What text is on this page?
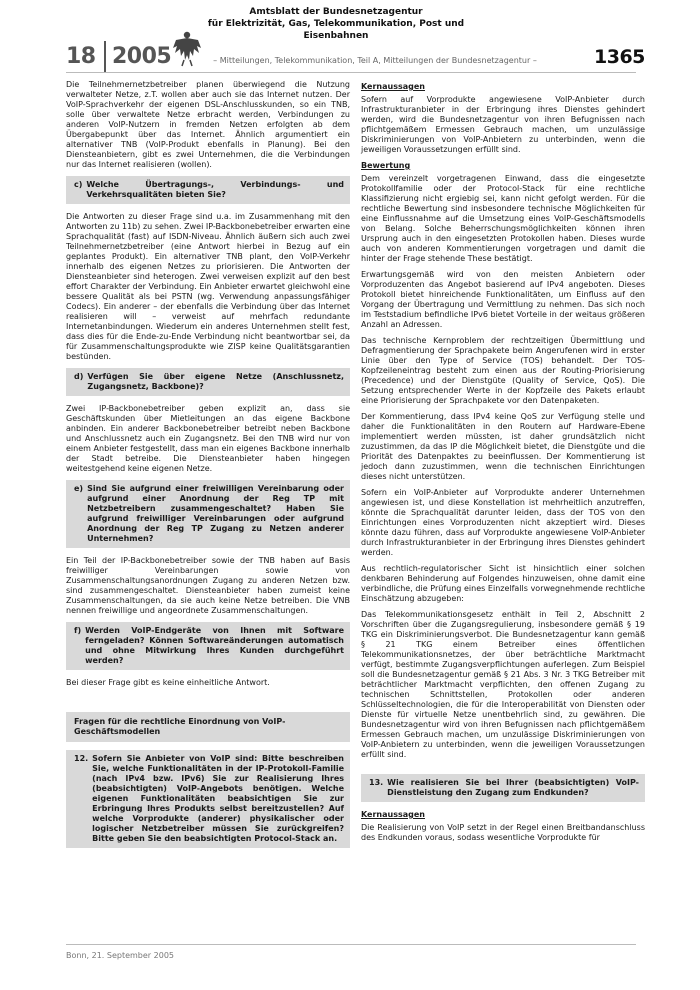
18 2005
Amtsblatt der Bundesnetzagentur
für Elektrizität, Gas, Telekommunikation, Post und Eisenbahnen
– Mitteilungen, Telekommunikation, Teil A, Mitteilungen der Bundesnetzagentur –	1365

Die Teilnehmernetzbetreiber planen überwiegend die Nutzung verwalteter Netze, z.T. wollen aber auch sie das Internet nutzen. Der VoIP-Sprachverkehr der eigenen DSL-Anschlusskunden, so ein TNB, solle über verwaltete Netze erbracht werden, Verbindungen zu anderen VoIP-Nutzern in fremden Netzen erfolgten ab dem Übergabepunkt über das Internet. Ähnlich argumentiert ein alternativer TNB (VoIP-Produkt ebenfalls in Planung). Bei den Diensteanbietern, gibt es zwei Unternehmen, die die Verbindungen nur das Internet realisieren (wollen).

c) Welche Übertragungs-, Verbindungs- und Verkehrsqualitäten bieten Sie?

Die Antworten zu dieser Frage sind u.a. im Zusammenhang mit den Antworten zu 11b) zu sehen. Zwei IP-Backbonebetreiber erwarten eine Sprachqualität (fast) auf ISDN-Niveau. Ähnlich äußern sich auch zwei Teilnehmernetzbetreiber (eine Antwort hierbei in Bezug auf ein geplantes Produkt). Ein alternativer TNB plant, den VoIP-Verkehr innerhalb des eigenen Netzes zu priorisieren. Die Antworten der Diensteanbieter sind heterogen. Zwei verweisen explizit auf den best effort Charakter der Verbindung. Ein Anbieter erwartet gleichwohl eine bessere Qualität als bei PSTN (wg. Verwendung anpassungsfähiger Codecs). Ein anderer – der ebenfalls die Verbindung über das Internet realisieren will – verweist auf mehrfach redundante Internetanbindungen. Wiederum ein anderes Unternehmen stellt fest, dass dies für die Ende-zu-Ende Verbindung nicht beantwortbar sei, da für Zusammenschaltungsprodukte wie ZISP keine Qualitätsgarantien bestünden.

d) Verfügen Sie über eigene Netze (Anschlussnetz, Zugangsnetz, Backbone)?

Zwei IP-Backbonebetreiber geben explizit an, dass sie Geschäftskunden über Mietleitungen an das eigene Backbone anbinden. Ein anderer Backbonebetreiber betreibt neben Backbone und Anschlussnetz auch ein Zugangsnetz. Bei den TNB wird nur von einem Anbieter festgestellt, dass man ein eigenes Backbone innerhalb der Stadt betreibe. Die Diensteanbieter haben hingegen weitestgehend keine eigenen Netze.

e) Sind Sie aufgrund einer freiwilligen Vereinbarung oder aufgrund einer Anordnung der Reg TP mit Netzbetreibern zusammengeschaltet? Haben Sie aufgrund freiwilliger Vereinbarungen oder aufgrund Anordnung der Reg TP Zugang zu Netzen anderer Unternehmen?

Ein Teil der IP-Backbonebetreiber sowie der TNB haben auf Basis freiwilliger Vereinbarungen sowie von Zusammenschaltungsanordnungen Zugang zu anderen Netzen bzw. sind zusammengeschaltet. Diensteanbieter haben zumeist keine Zusammenschaltungen, da sie auch keine Netze betreiben. Die VNB nennen freiwillige und angeordnete Zusammenschaltungen.

f) Werden VoIP-Endgeräte von Ihnen mit Software ferngeladen? Können Softwareänderungen automatisch und ohne Mitwirkung Ihres Kunden durchgeführt werden?

Bei dieser Frage gibt es keine einheitliche Antwort.

Fragen für die rechtliche Einordnung von VoIP-Geschäftsmodellen
12. Sofern Sie Anbieter von VoIP sind: Bitte beschreiben Sie, welche Funktionalitäten in der IP-Protokoll-Familie (nach IPv4 bzw. IPv6) Sie zur Realisierung Ihres (beabsichtigten) VoIP-Angebots benötigen. Welche eigenen Funktionalitäten beabsichtigen Sie zur Erbringung Ihres Produkts selbst bereitzustellen? Auf welche Vorprodukte (anderer) physikalischer oder logischer Netzbetreiber müssen Sie zurückgreifen? Bitte geben Sie den beabsichtigten Protocol-Stack an.
Kernaussagen

Sofern auf Vorprodukte angewiesene VoIP-Anbieter durch Infrastrukturanbieter in der Erbringung ihres Dienstes gehindert werden, wird die Bundesnetzagentur von ihren Befugnissen nach pflichtgemäßem Ermessen Gebrauch machen, um unzulässige Diskriminierungen von VoIP-Anbietern zu unterbinden, wenn die jeweiligen Voraussetzungen erfüllt sind.

Bewertung

Dem vereinzelt vorgetragenen Einwand, dass die eingesetzte Protokollfamilie oder der Protocol-Stack für eine rechtliche Klassifizierung nicht ergiebig sei, kann nicht gefolgt werden. Für die rechtliche Bewertung sind insbesondere technische Möglichkeiten für eine Einflussnahme auf die Umsetzung eines VoIP-Geschäftsmodells von Belang. Solche Beherrschungsmöglichkeiten können ihren Ursprung auch in den eingesetzten Protokollen haben. Dieses wurde auch von anderen Kommentierungen vorgetragen und damit die hinter der Frage stehende These bestätigt.

Erwartungsgemäß wird von den meisten Anbietern oder Vorproduzenten das Angebot basierend auf IPv4 angeboten. Dieses Protokoll bietet hinreichende Funktionalitäten, um Einfluss auf den Vorgang der Übertragung und Vermittlung zu nehmen. Das sich noch im Teststadium befindliche IPv6 bietet Vorteile in der weitaus größeren Anzahl an Adressen.

Das technische Kernproblem der rechtzeitigen Übermittlung und Defragmentierung der Sprachpakete beim Angerufenen wird in erster Linie über den Type of Service (TOS) behandelt. Der TOS-Kopfzeileneintrag besteht zum einen aus der Routing-Priorisierung (Precedence) und der Dienstgüte (Quality of Service, QoS). Die Setzung entsprechender Werte in der Kopfzeile des Pakets erlaubt eine Priorisierung der Sprachpakete vor den Datenpaketen.

Der Kommentierung, dass IPv4 keine QoS zur Verfügung stelle und daher die Funktionalitäten in den Routern auf Hardware-Ebene implementiert werden müssten, ist daher grundsätzlich nicht zuzustimmen, da das IP die Möglichkeit bietet, die Dienstgüte und die Priorität des Datenpaktes zu beeinflussen. Der Kommentierung ist jedoch dann zuzustimmen, wenn die technischen Einrichtungen dieses nicht unterstützen.

Sofern ein VoIP-Anbieter auf Vorprodukte anderer Unternehmen angewiesen ist, und diese Konstellation ist mehrheitlich anzutreffen, könnte die Sprachqualität darunter leiden, dass der TOS von den Einrichtungen eines Vorproduzenten nicht akzeptiert wird. Dieses könnte dazu führen, dass auf Vorprodukte angewiesene VoIP-Anbieter durch Infrastrukturanbieter in der Erbringung ihres Dienstes gehindert werden.

Aus rechtlich-regulatorischer Sicht ist hinsichtlich einer solchen denkbaren Behinderung auf Folgendes hinzuweisen, ohne damit eine verbindliche, die Prüfung eines Einzelfalls vorwegnehmende rechtliche Einschätzung abzugeben:

Das Telekommunikationsgesetz enthält in Teil 2, Abschnitt 2 Vorschriften über die Zugangsregulierung, insbesondere gemäß § 19 TKG ein Diskriminierungsverbot. Die Bundesnetzagentur kann gemäß § 21 TKG einem Betreiber eines öffentlichen Telekommunikationsnetzes, der über beträchtliche Marktmacht verfügt, bestimmte Zugangsverpflichtungen auferlegen. Zum Beispiel soll die Bundesnetzagentur gemäß § 21 Abs. 3 Nr. 3 TKG Betreiber mit beträchtlicher Marktmacht verpflichten, den offenen Zugang zu technischen Schnittstellen, Protokollen oder anderen Schlüsseltechnologien, die für die Interoperabilität von Diensten oder Dienste für virtuelle Netze unentbehrlich sind, zu gewähren. Die Bundesnetzagentur wird von ihren Befugnissen nach pflichtgemäßem Ermessen Gebrauch machen, um unzulässige Diskriminierungen von VoIP-Anbietern zu unterbinden, wenn die jeweiligen Voraussetzungen erfüllt sind.

13. Wie realisieren Sie bei Ihrer (beabsichtigten) VoIP-Dienstleistung den Zugang zum Endkunden?
Kernaussagen

Die Realisierung von VoIP setzt in der Regel einen Breitbandanschluss des Endkunden voraus, sodass wesentliche Vorprodukte für

Bonn, 21. September 2005
